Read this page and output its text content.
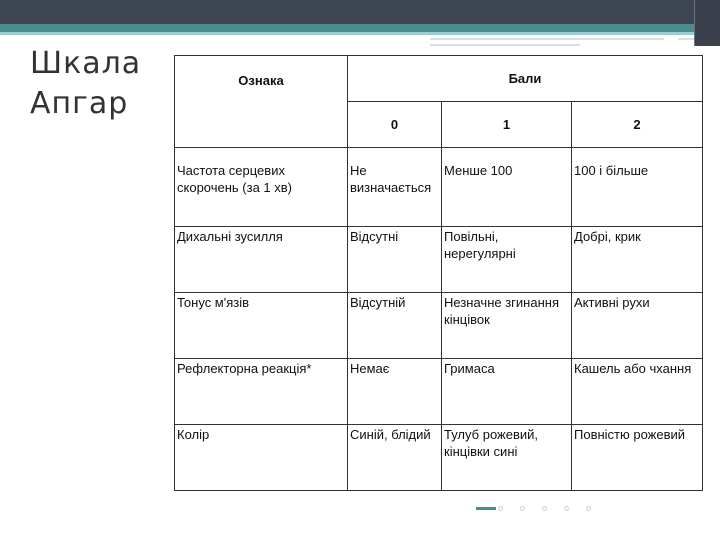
Шкала
Апгар
Ознака	Бали		
	0	1	2
Частота серцевих скорочень (за 1 хв)	Не визначається	Менше 100	100 і більше
Дихальні зусилля	Відсутні	Повільні, нерегулярні	Добрі, крик
Тонус м'язів	Відсутній	Незначне згинання кінцівок	Активні рухи
Рефлекторна реакція*	Немає	Гримаса	Кашель або чхання
Колір	Синій, блідий	Тулуб рожевий, кінцівки сині	Повністю рожевий
